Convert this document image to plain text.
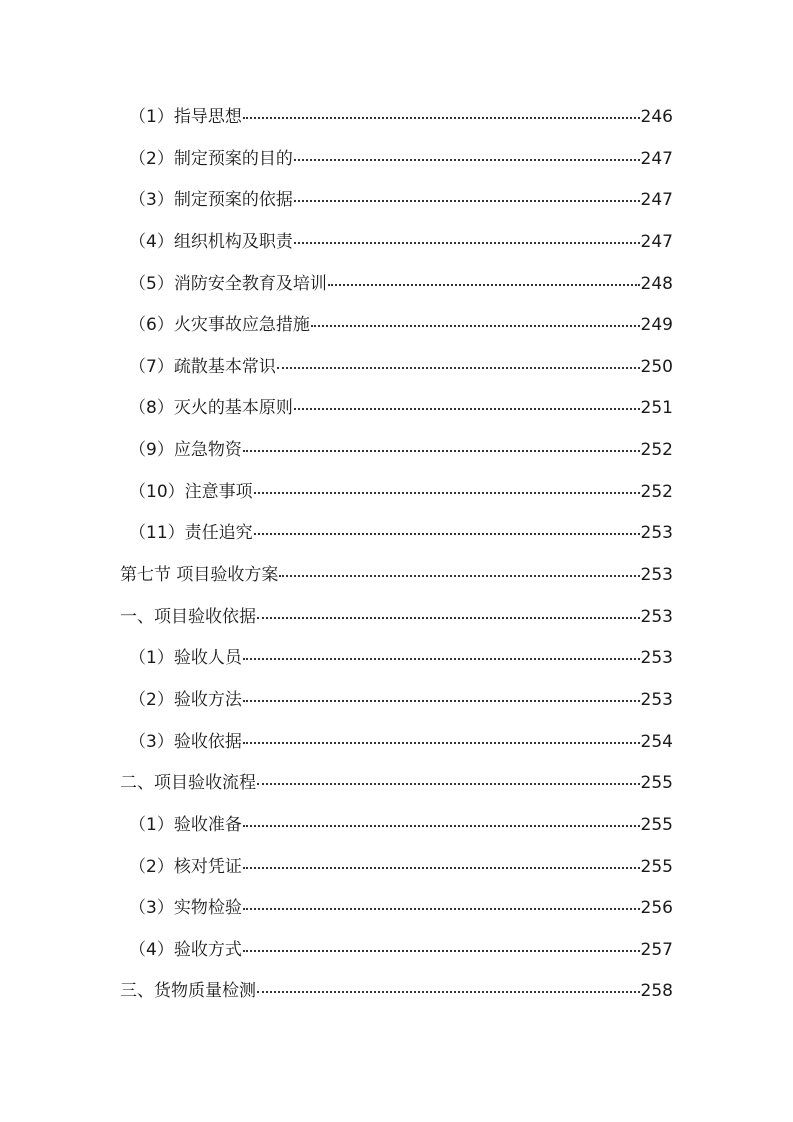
（1）指导思想	246
（2）制定预案的目的	247
（3）制定预案的依据	247
（4）组织机构及职责	247
（5）消防安全教育及培训	248
（6）火灾事故应急措施	249
（7）疏散基本常识	250
（8）灭火的基本原则	251
（9）应急物资	252
（10）注意事项	252
（11）责任追究	253
第七节 项目验收方案	253
一、项目验收依据	253
（1）验收人员	253
（2）验收方法	253
（3）验收依据	254
二、项目验收流程	255
（1）验收准备	255
（2）核对凭证	255
（3）实物检验	256
（4）验收方式	257
三、货物质量检测	258
